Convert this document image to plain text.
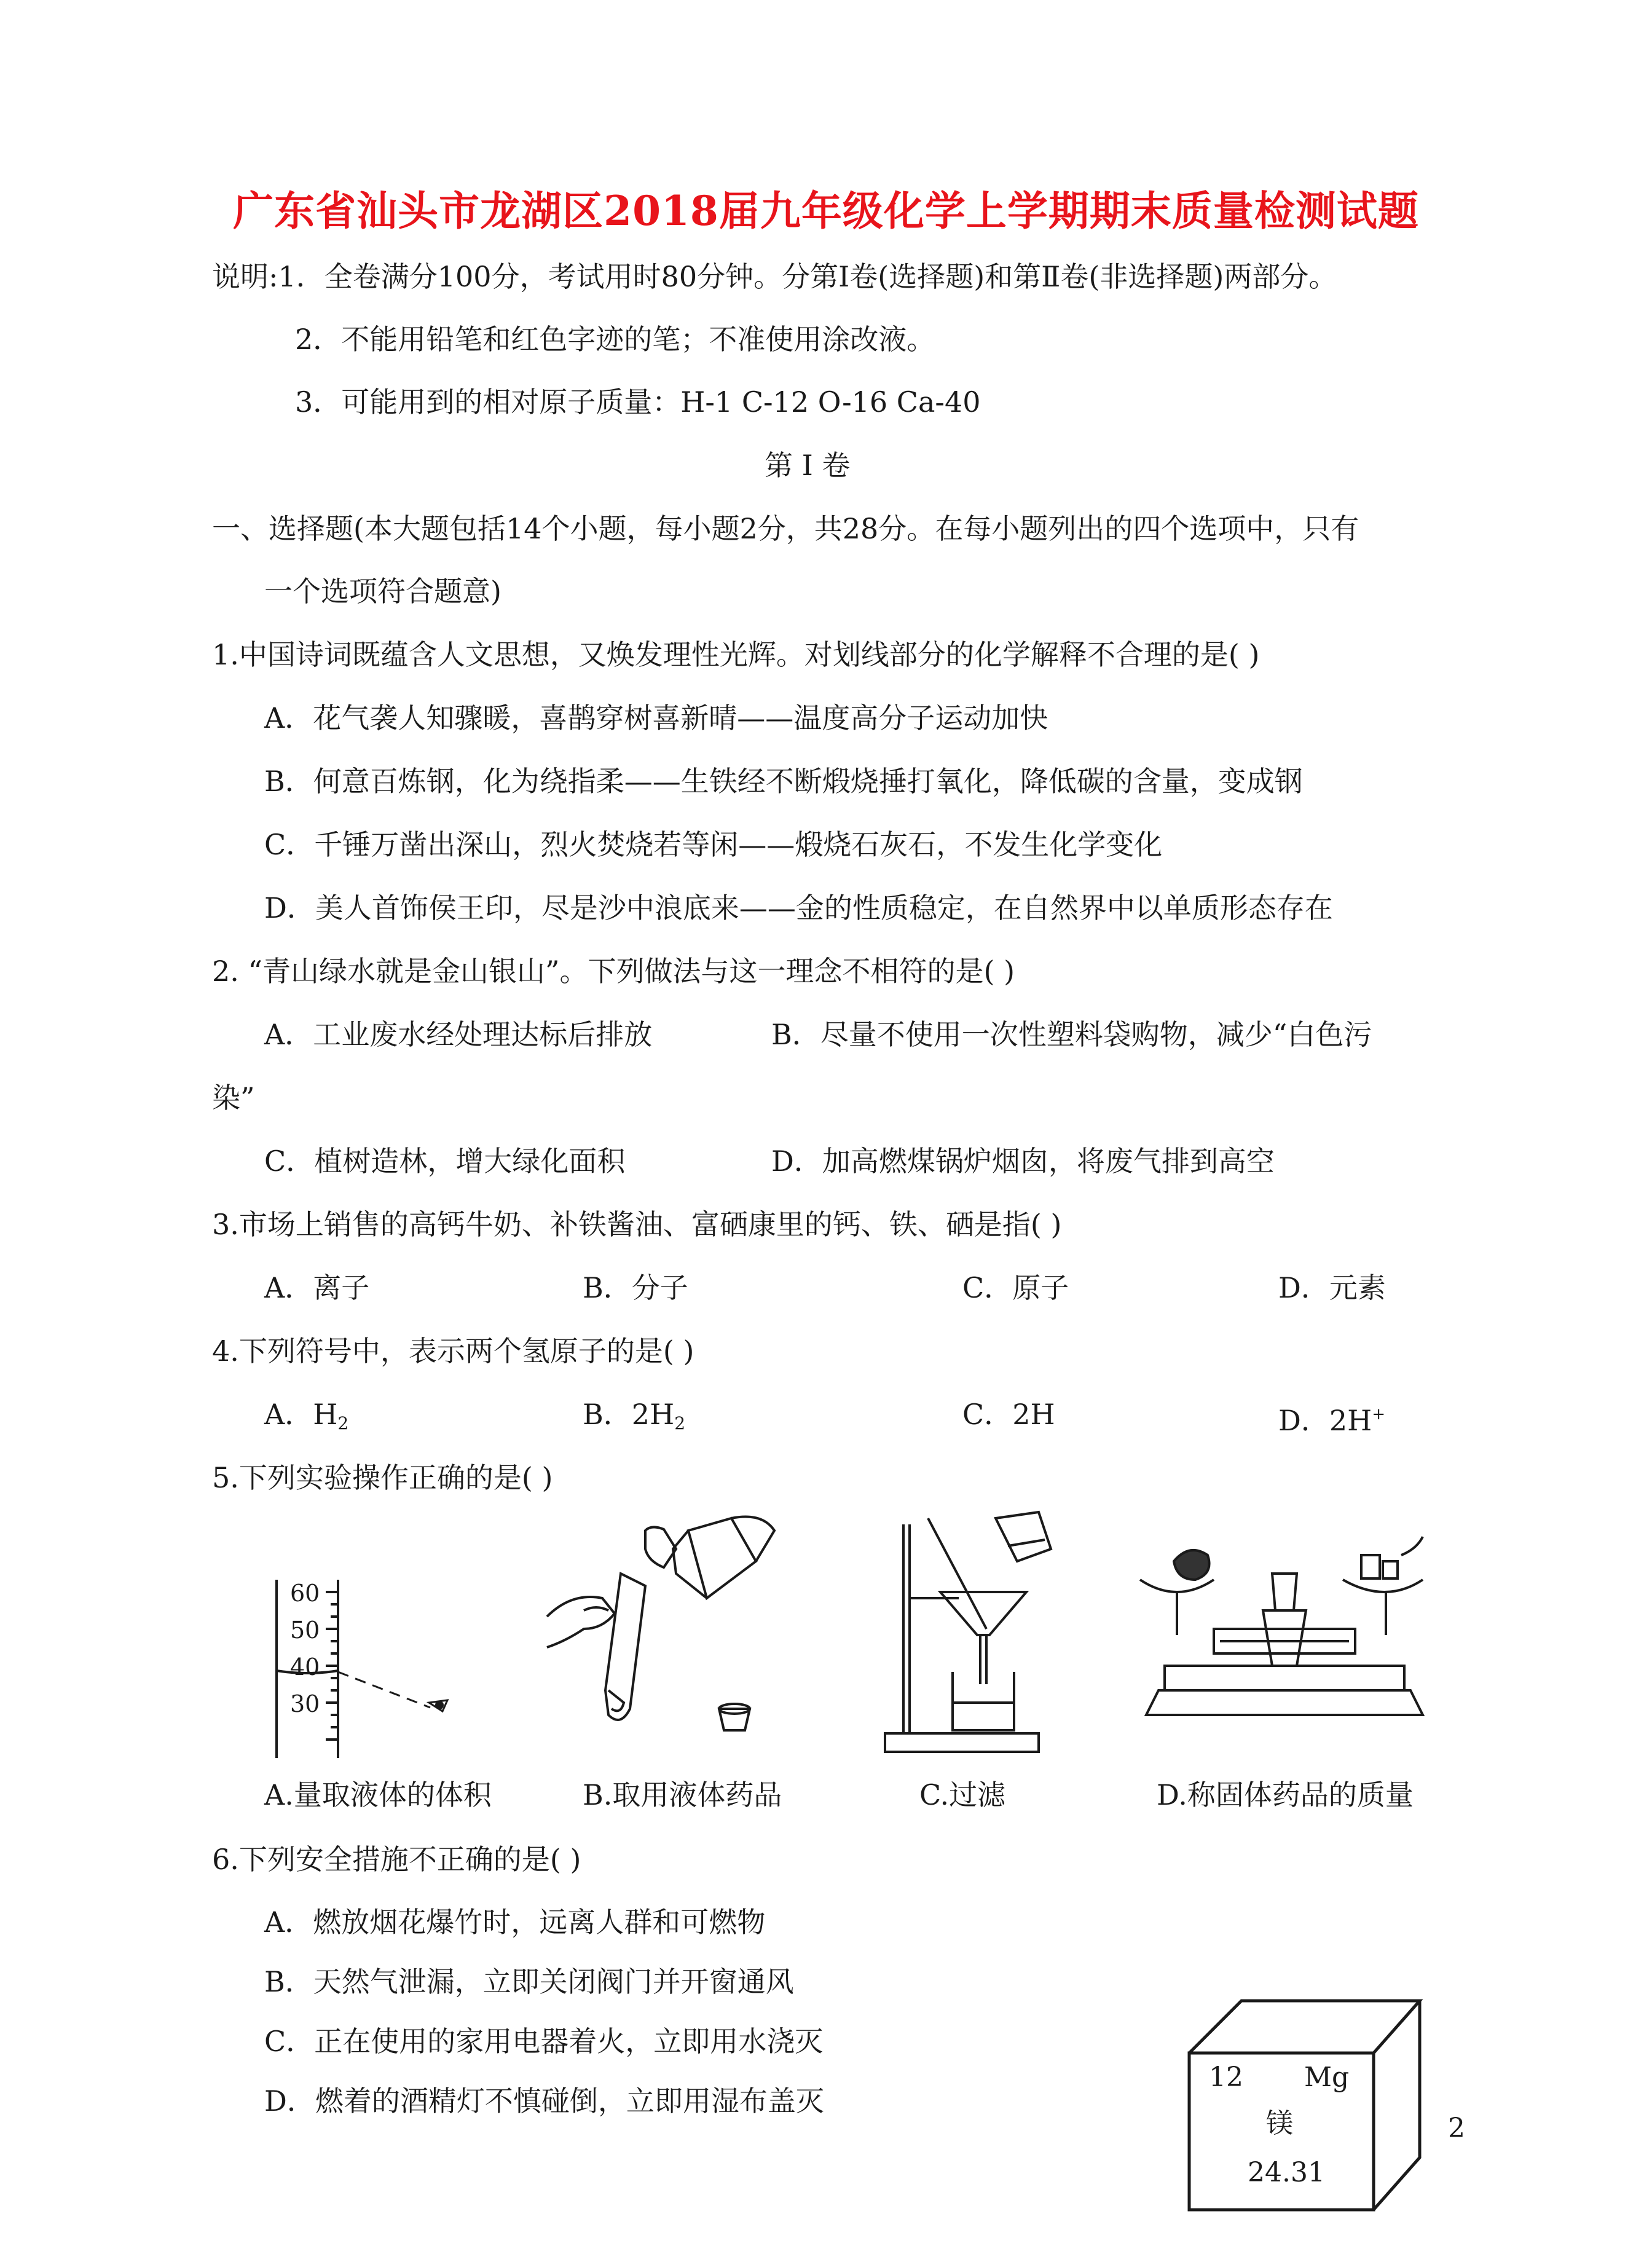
广东省汕头市龙湖区2018届九年级化学上学期期末质量检测试题
说明:1．全卷满分100分，考试用时80分钟。分第Ⅰ卷(选择题)和第Ⅱ卷(非选择题)两部分。
2．不能用铅笔和红色字迹的笔；不准使用涂改液。
3．可能用到的相对原子质量：H-1 C-12 O-16 Ca-40
第 Ⅰ 卷
一、选择题(本大题包括14个小题，每小题2分，共28分。在每小题列出的四个选项中，只有
一个选项符合题意)
1.中国诗词既蕴含人文思想，又焕发理性光辉。对划线部分的化学解释不合理的是( )
A．花气袭人知骤暖，喜鹊穿树喜新晴——温度高分子运动加快
B．何意百炼钢，化为绕指柔——生铁经不断煅烧捶打氧化，降低碳的含量，变成钢
C．千锤万凿出深山，烈火焚烧若等闲——煅烧石灰石，不发生化学变化
D．美人首饰侯王印，尽是沙中浪底来——金的性质稳定，在自然界中以单质形态存在
2. “青山绿水就是金山银山”。下列做法与这一理念不相符的是( )
A．工业废水经处理达标后排放	B．尽量不使用一次性塑料袋购物，减少“白色污
染”
C．植树造林，增大绿化面积	D．加高燃煤锅炉烟囱，将废气排到高空
3.市场上销售的高钙牛奶、补铁酱油、富硒康里的钙、铁、硒是指( )
A．离子	B．分子	C．原子	D．元素
4.下列符号中，表示两个氢原子的是( )
A．$H_2$	B．$2H_2$	C．2H	D．2H+
5.下列实验操作正确的是( )
60
50
40
30
A.量取液体的体积	B.取用液体药品	C.过滤	D.称固体药品的质量
6.下列安全措施不正确的是( )
A．燃放烟花爆竹时，远离人群和可燃物
B．天然气泄漏，立即关闭阀门并开窗通风
C．正在使用的家用电器着火，立即用水浇灭
D．燃着的酒精灯不慎碰倒，立即用湿布盖灭
12 Mg
镁
24.31
2
